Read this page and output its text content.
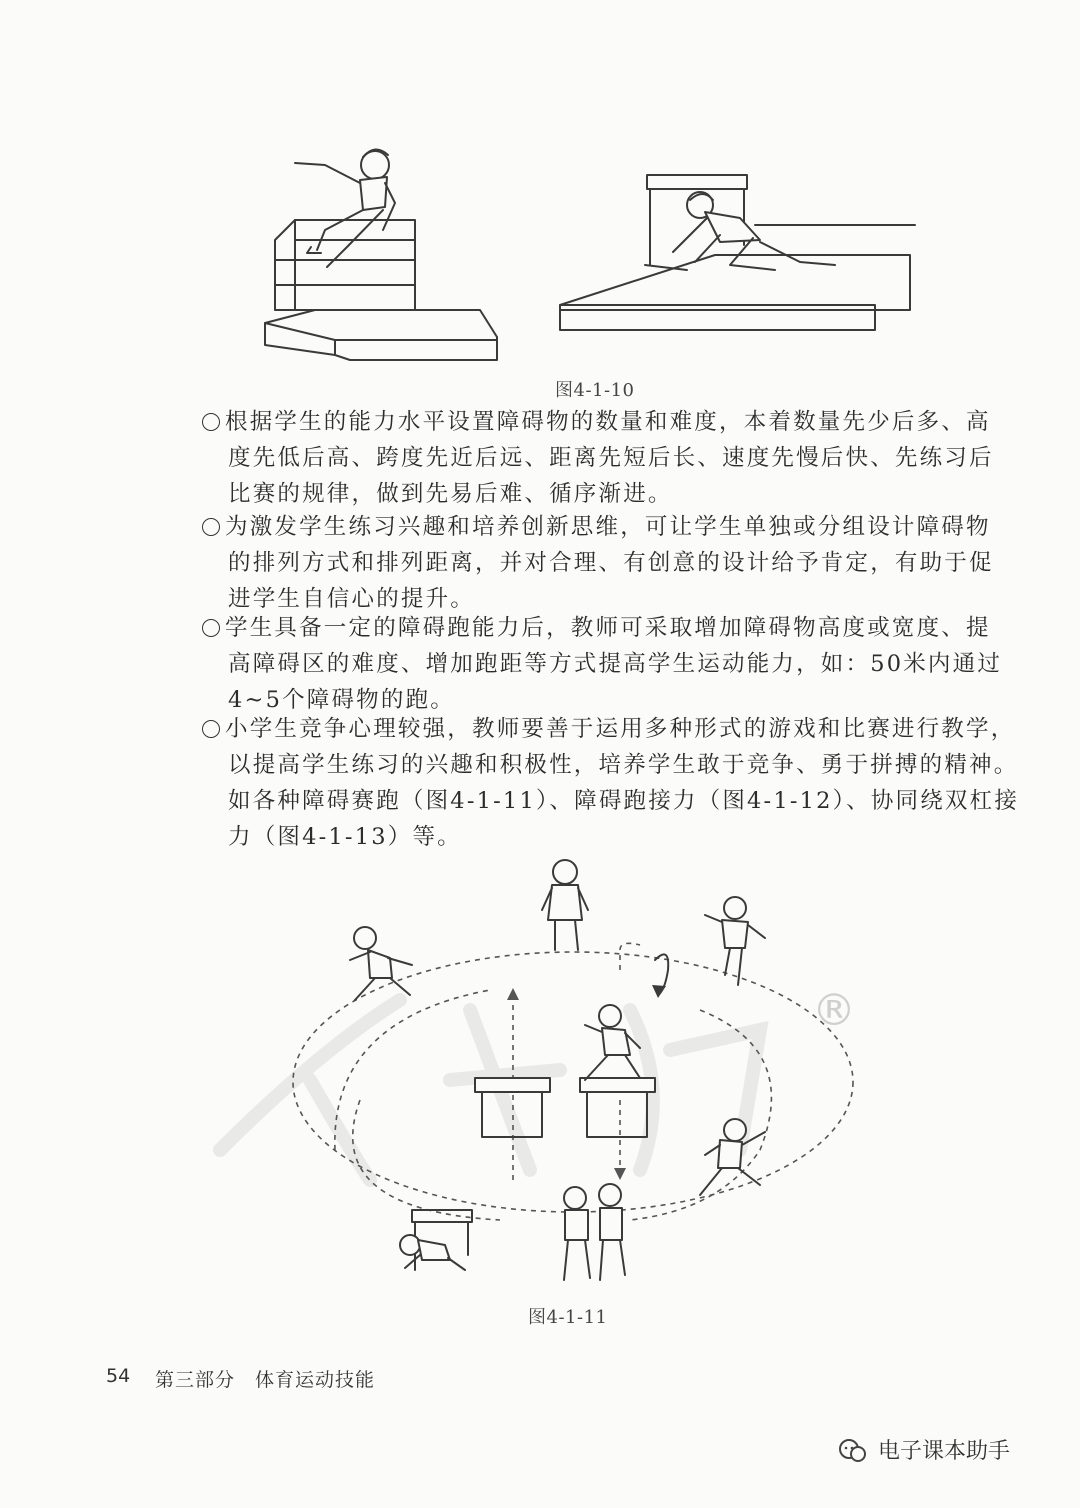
图4-1-10
根据学生的能力水平设置障碍物的数量和难度，本着数量先少后多、高
度先低后高、跨度先近后远、距离先短后长、速度先慢后快、先练习后
比赛的规律，做到先易后难、循序渐进。
为激发学生练习兴趣和培养创新思维，可让学生单独或分组设计障碍物
的排列方式和排列距离，并对合理、有创意的设计给予肯定，有助于促
进学生自信心的提升。
学生具备一定的障碍跑能力后，教师可采取增加障碍物高度或宽度、提
高障碍区的难度、增加跑距等方式提高学生运动能力，如：50米内通过
4~5个障碍物的跑。
小学生竞争心理较强，教师要善于运用多种形式的游戏和比赛进行教学，
以提高学生练习的兴趣和积极性，培养学生敢于竞争、勇于拼搏的精神。
如各种障碍赛跑（图4-1-11）、障碍跑接力（图4-1-12）、协同绕双杠接
力（图4-1-13）等。
®
图4-1-11
54 第三部分　体育运动技能
电子课本助手
